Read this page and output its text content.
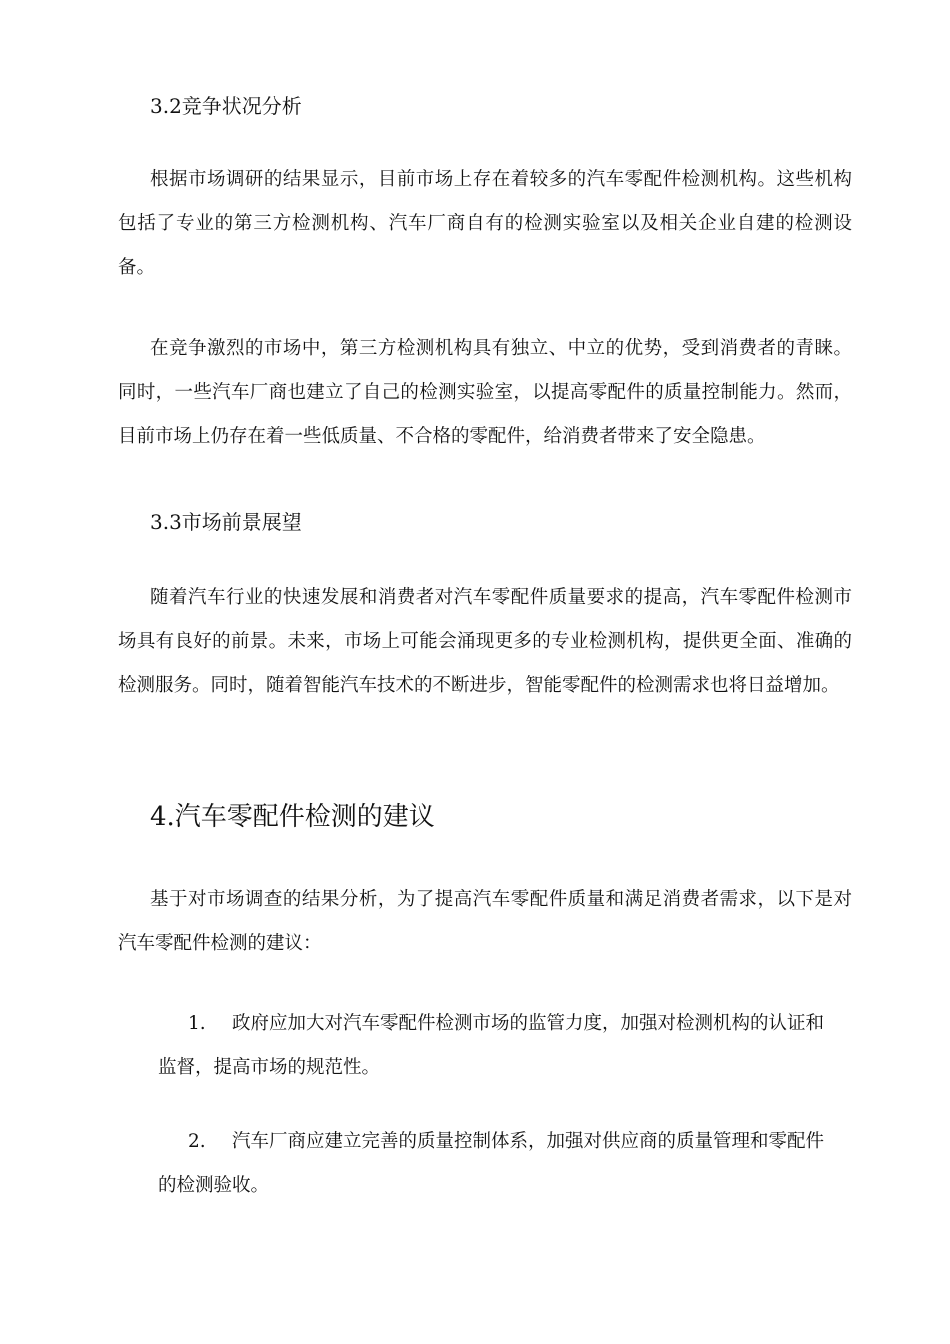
3.2竞争状况分析

根据市场调研的结果显示，目前市场上存在着较多的汽车零配件检测机构。这些机构包括了专业的第三方检测机构、汽车厂商自有的检测实验室以及相关企业自建的检测设备。

在竞争激烈的市场中，第三方检测机构具有独立、中立的优势，受到消费者的青睐。同时，一些汽车厂商也建立了自己的检测实验室，以提高零配件的质量控制能力。然而，目前市场上仍存在着一些低质量、不合格的零配件，给消费者带来了安全隐患。

3.3市场前景展望

随着汽车行业的快速发展和消费者对汽车零配件质量要求的提高，汽车零配件检测市场具有良好的前景。未来，市场上可能会涌现更多的专业检测机构，提供更全面、准确的检测服务。同时，随着智能汽车技术的不断进步，智能零配件的检测需求也将日益增加。

4.汽车零配件检测的建议

基于对市场调查的结果分析，为了提高汽车零配件质量和满足消费者需求，以下是对汽车零配件检测的建议：

1. 政府应加大对汽车零配件检测市场的监管力度，加强对检测机构的认证和监督，提高市场的规范性。

2. 汽车厂商应建立完善的质量控制体系，加强对供应商的质量管理和零配件的检测验收。
